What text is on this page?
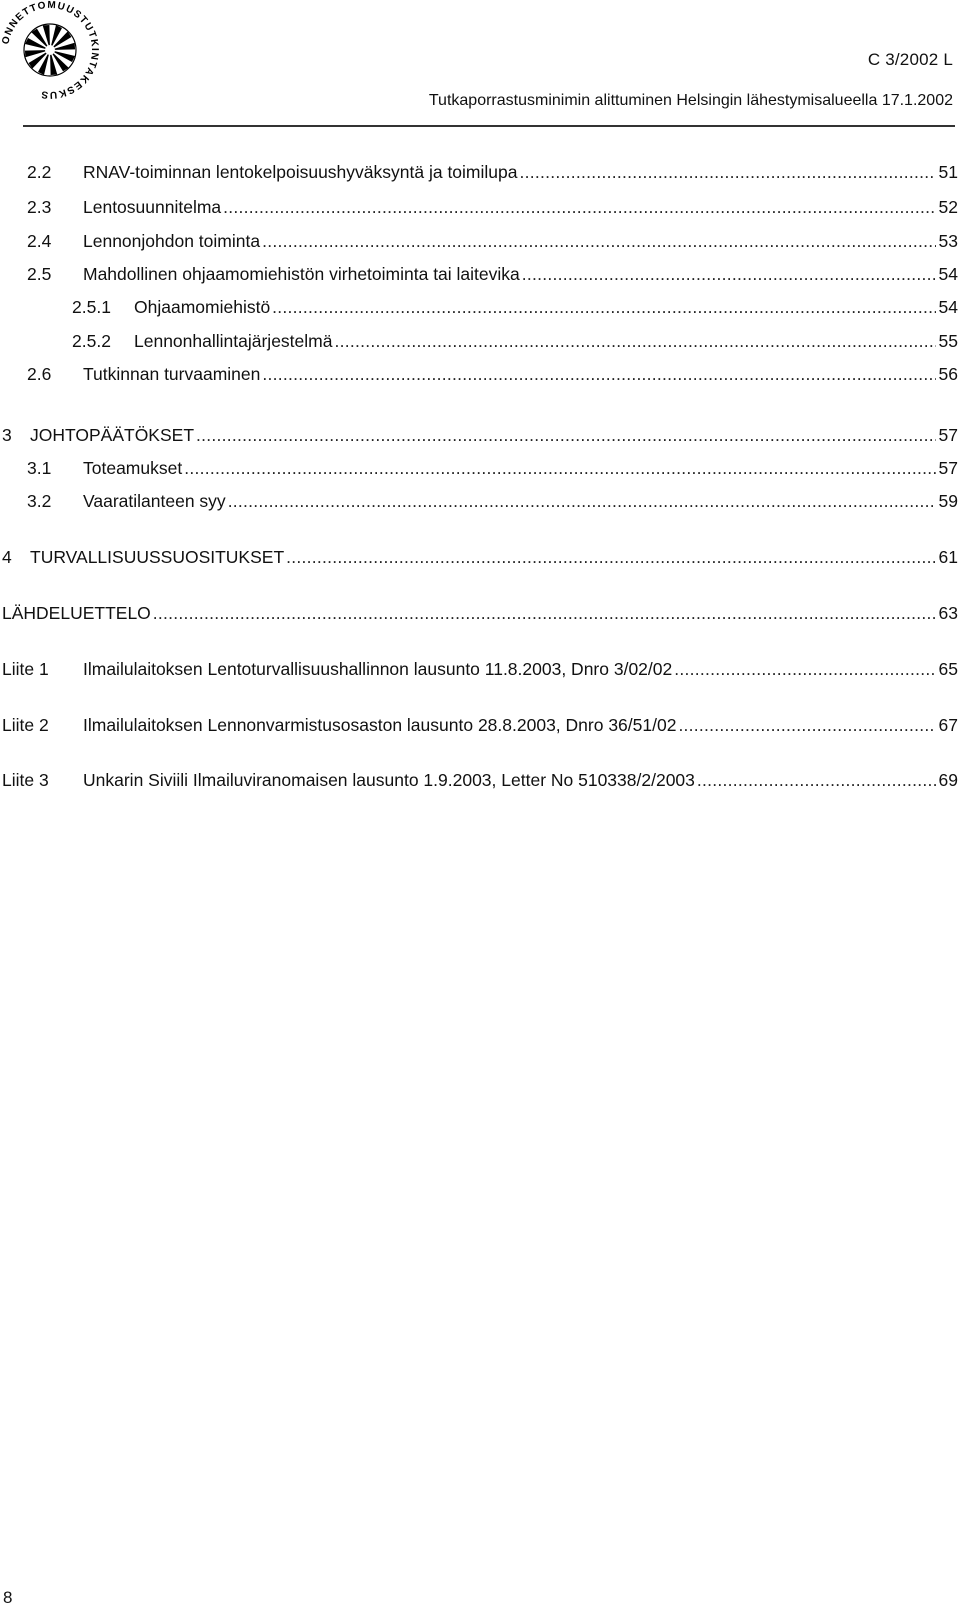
ONNETTOMUUSTUTKINTAKESKUS
C 3/2002 L
Tutkaporrastusminimin alittuminen Helsingin lähestymisalueella 17.1.2002
2.2	RNAV-toiminnan lentokelpoisuushyväksyntä ja toimilupa . . .	51
2.3	Lentosuunnitelma . . .	52
2.4	Lennonjohdon toiminta . . .	53
2.5	Mahdollinen ohjaamomiehistön virhetoiminta tai laitevika . . .	54
2.5.1	Ohjaamomiehistö . . .	54
2.5.2	Lennonhallintajärjestelmä . . .	55
2.6	Tutkinnan turvaaminen . . .	56
3	JOHTOPÄÄTÖKSET . . .	57
3.1	Toteamukset . . .	57
3.2	Vaaratilanteen syy . . .	59
4	TURVALLISUUSSUOSITUKSET . . .	61
LÄHDELUETTELO . . .	63
Liite 1	Ilmailulaitoksen Lentoturvallisuushallinnon lausunto 11.8.2003, Dnro 3/02/02 . . .	65
Liite 2	Ilmailulaitoksen Lennonvarmistusosaston lausunto 28.8.2003, Dnro 36/51/02 . . .	67
Liite 3	Unkarin Siviili Ilmailuviranomaisen lausunto 1.9.2003, Letter No 510338/2/2003 . . .	69
8
